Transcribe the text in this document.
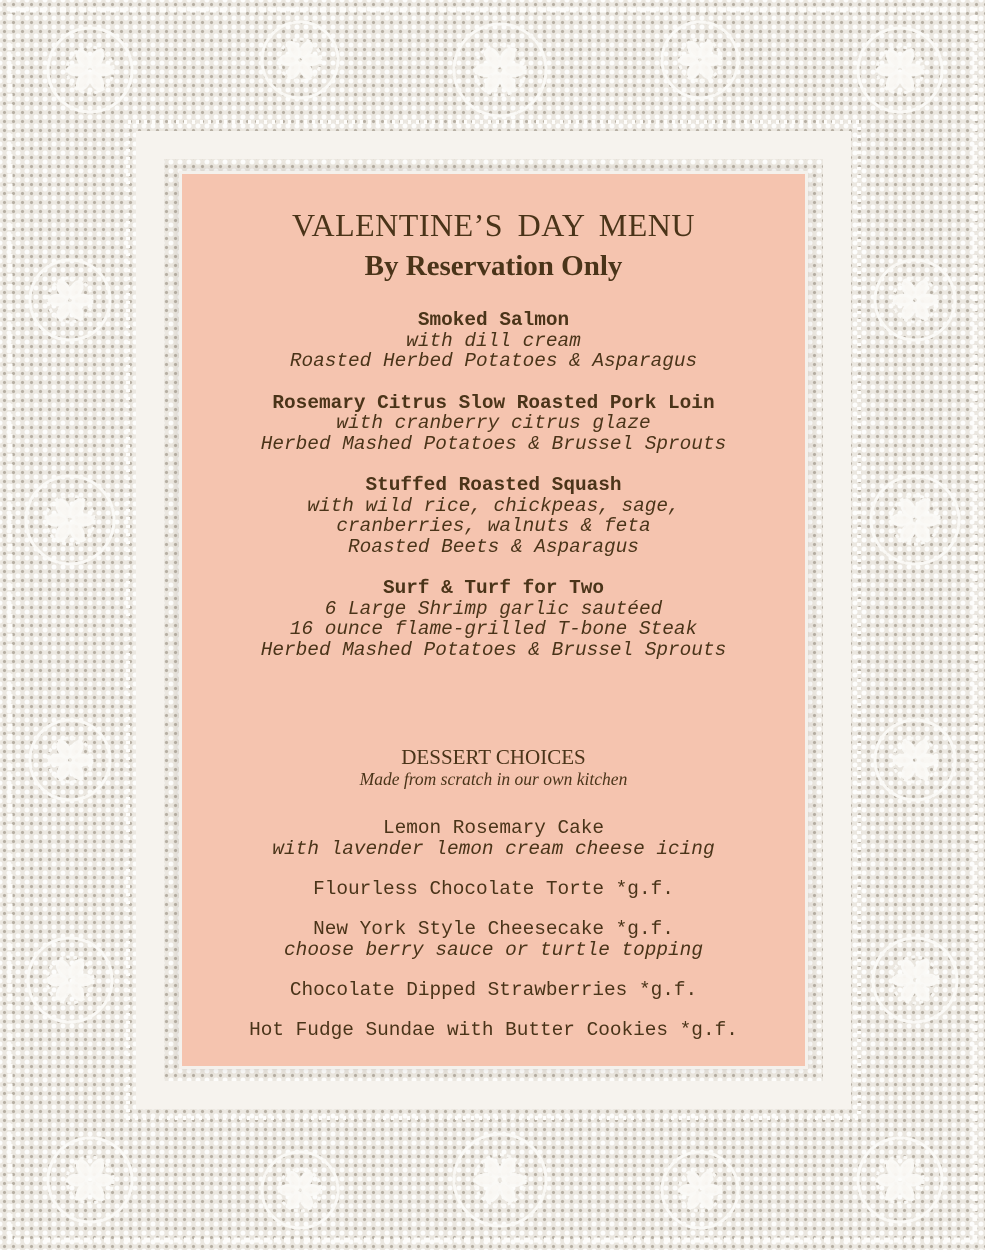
VALENTINE’S DAY MENU
By Reservation Only
Smoked Salmon
with dill cream
Roasted Herbed Potatoes & Asparagus
Rosemary Citrus Slow Roasted Pork Loin
with cranberry citrus glaze
Herbed Mashed Potatoes & Brussel Sprouts
Stuffed Roasted Squash
with wild rice, chickpeas, sage,
cranberries, walnuts & feta
Roasted Beets & Asparagus
Surf & Turf for Two
6 Large Shrimp garlic sautéed
16 ounce flame-grilled T-bone Steak
Herbed Mashed Potatoes & Brussel Sprouts
DESSERT CHOICES
Made from scratch in our own kitchen
Lemon Rosemary Cake
with lavender lemon cream cheese icing
Flourless Chocolate Torte *g.f.
New York Style Cheesecake *g.f.
choose berry sauce or turtle topping
Chocolate Dipped Strawberries *g.f.
Hot Fudge Sundae with Butter Cookies *g.f.
